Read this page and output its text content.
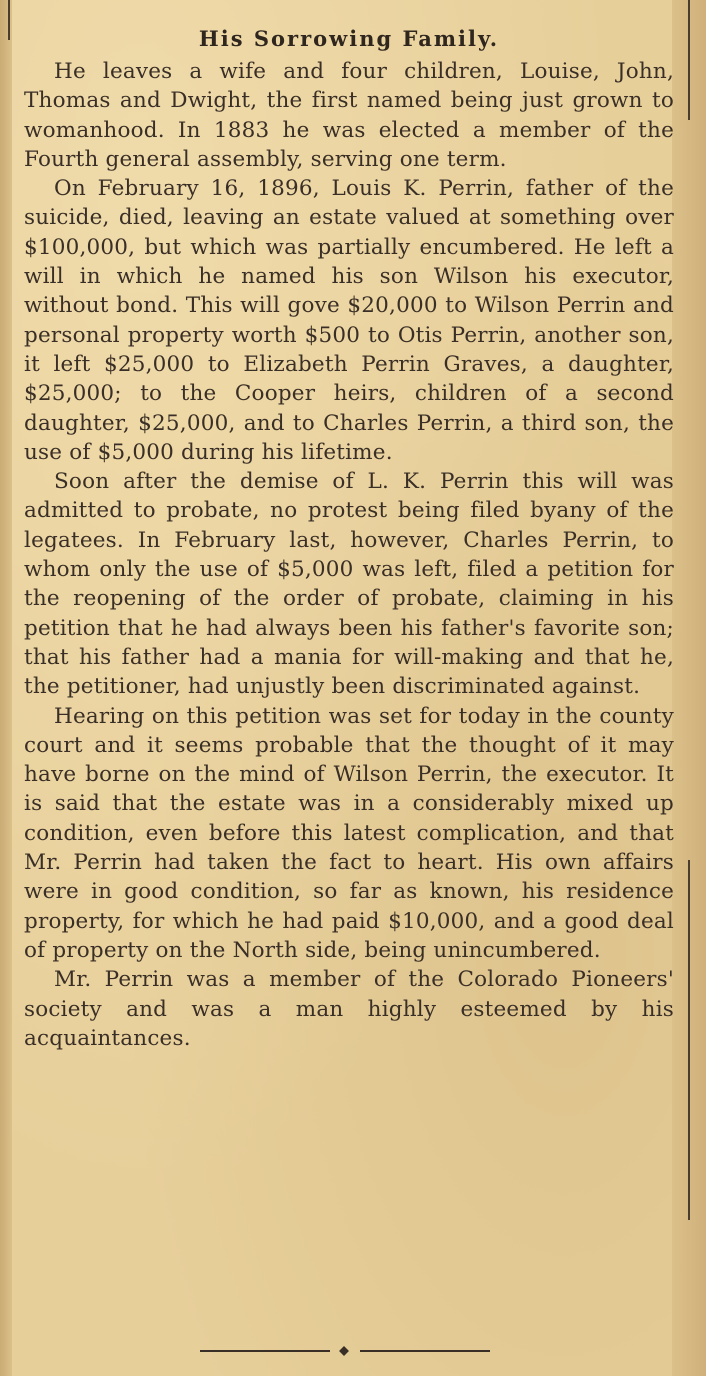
His Sorrowing Family.

He leaves a wife and four children, Louise, John, Thomas and Dwight, the first named being just grown to womanhood. In 1883 he was elected a member of the Fourth general assembly, serving one term.

On February 16, 1896, Louis K. Perrin, father of the suicide, died, leaving an estate valued at something over $100,000, but which was partially encumbered. He left a will in which he named his son Wilson his executor, without bond. This will gove $20,000 to Wilson Perrin and personal property worth $500 to Otis Perrin, another son, it left $25,000 to Elizabeth Perrin Graves, a daughter, $25,000; to the Cooper heirs, children of a second daughter, $25,000, and to Charles Perrin, a third son, the use of $5,000 during his lifetime.

Soon after the demise of L. K. Perrin this will was admitted to probate, no protest being filed byany of the legatees. In February last, however, Charles Perrin, to whom only the use of $5,000 was left, filed a petition for the reopening of the order of probate, claiming in his petition that he had always been his father's favorite son; that his father had a mania for will-making and that he, the petitioner, had unjustly been discriminated against.

Hearing on this petition was set for today in the county court and it seems probable that the thought of it may have borne on the mind of Wilson Perrin, the executor. It is said that the estate was in a considerably mixed up condition, even before this latest complication, and that Mr. Perrin had taken the fact to heart. His own affairs were in good condition, so far as known, his residence property, for which he had paid $10,000, and a good deal of property on the North side, being unincumbered.

Mr. Perrin was a member of the Colorado Pioneers' society and was a man highly esteemed by his acquaintances.
